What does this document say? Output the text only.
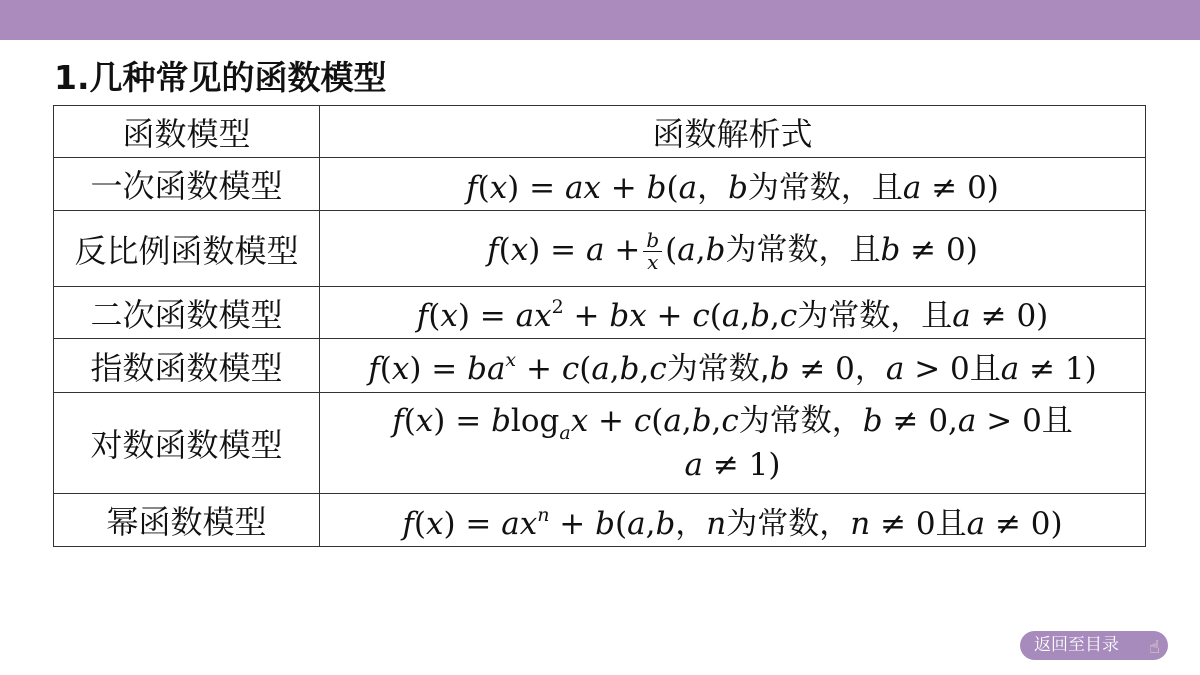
1.几种常见的函数模型
函数模型	函数解析式
一次函数模型	f(x) = ax + b(a，b为常数，且a ≠ 0)
反比例函数模型	$f(x) = a + \frac{b}{x} (a,b$为常数，且b ≠ 0)
二次函数模型	$f(x) = ax^2$ + bx + c(a,b,c为常数，且a ≠ 0)
指数函数模型	$f(x) = ba^x + c(a,b,c$为常数,b ≠ 0，a > 0且a ≠ 1)
对数函数模型	f(x) = blog$_a$x + c(a,b,c为常数，b ≠ 0,a > 0且 a ≠ 1)
幂函数模型	$f(x) = ax^n + b(a,b$，n为常数，n ≠ 0且a ≠ 0)
返回至目录 ☝
